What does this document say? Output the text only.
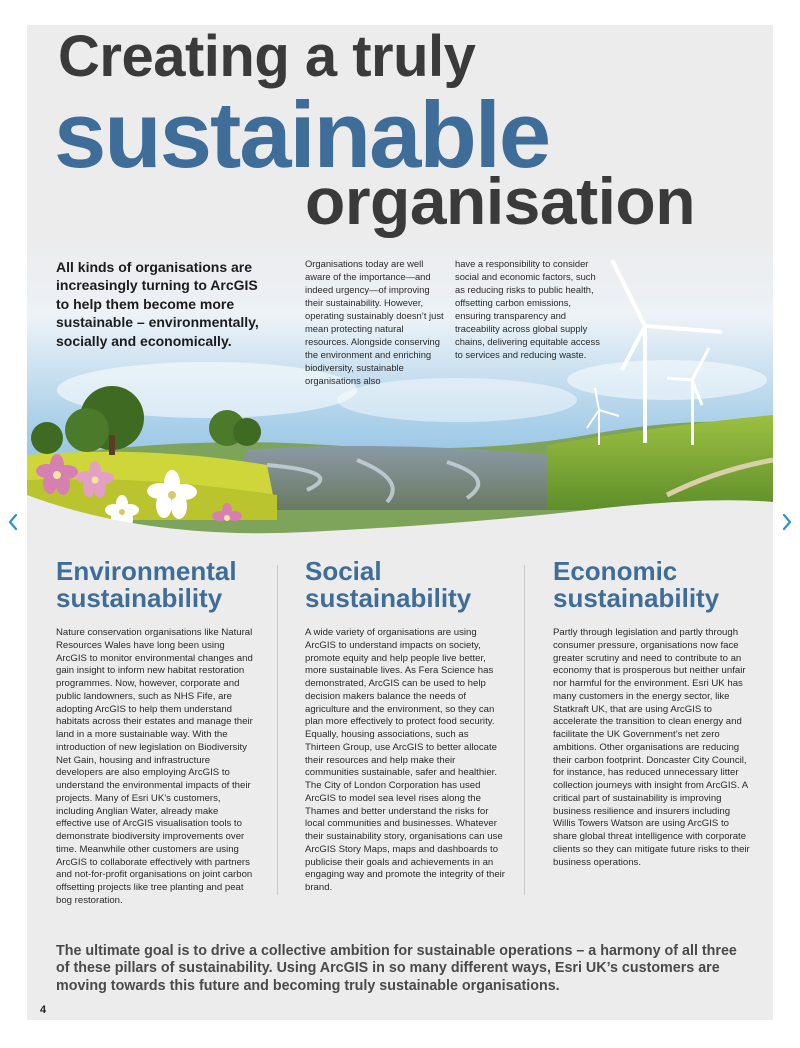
Creating a truly
sustainable
organisation

All kinds of organisations are increasingly turning to ArcGIS to help them become more sustainable – environmentally, socially and economically.

Organisations today are well aware of the importance—and indeed urgency—of improving their sustainability. However, operating sustainably doesn’t just mean protecting natural resources. Alongside conserving the environment and enriching biodiversity, sustainable organisations also

have a responsibility to consider social and economic factors, such as reducing risks to public health, offsetting carbon emissions, ensuring transparency and traceability across global supply chains, delivering equitable access to services and reducing waste.

Environmental
sustainability

Nature conservation organisations like Natural Resources Wales have long been using ArcGIS to monitor environmental changes and gain insight to inform new habitat restoration programmes. Now, however, corporate and public landowners, such as NHS Fife, are adopting ArcGIS to help them understand habitats across their estates and manage their land in a more sustainable way. With the introduction of new legislation on Biodiversity Net Gain, housing and infrastructure developers are also employing ArcGIS to understand the environmental impacts of their projects. Many of Esri UK’s customers, including Anglian Water, already make effective use of ArcGIS visualisation tools to demonstrate biodiversity improvements over time. Meanwhile other customers are using ArcGIS to collaborate effectively with partners and not-for-profit organisations on joint carbon offsetting projects like tree planting and peat bog restoration.

Social
sustainability

A wide variety of organisations are using ArcGIS to understand impacts on society, promote equity and help people live better, more sustainable lives. As Fera Science has demonstrated, ArcGIS can be used to help decision makers balance the needs of agriculture and the environment, so they can plan more effectively to protect food security. Equally, housing associations, such as Thirteen Group, use ArcGIS to better allocate their resources and help make their communities sustainable, safer and healthier. The City of London Corporation has used ArcGIS to model sea level rises along the Thames and better understand the risks for local communities and businesses. Whatever their sustainability story, organisations can use ArcGIS Story Maps, maps and dashboards to publicise their goals and achievements in an engaging way and promote the integrity of their brand.

Economic
sustainability

Partly through legislation and partly through consumer pressure, organisations now face greater scrutiny and need to contribute to an economy that is prosperous but neither unfair nor harmful for the environment. Esri UK has many customers in the energy sector, like Statkraft UK, that are using ArcGIS to accelerate the transition to clean energy and facilitate the UK Government’s net zero ambitions. Other organisations are reducing their carbon footprint. Doncaster City Council, for instance, has reduced unnecessary litter collection journeys with insight from ArcGIS. A critical part of sustainability is improving business resilience and insurers including Willis Towers Watson are using ArcGIS to share global threat intelligence with corporate clients so they can mitigate future risks to their business operations.

The ultimate goal is to drive a collective ambition for sustainable operations – a harmony of all three of these pillars of sustainability. Using ArcGIS in so many different ways, Esri UK’s customers are moving towards this future and becoming truly sustainable organisations.

4
